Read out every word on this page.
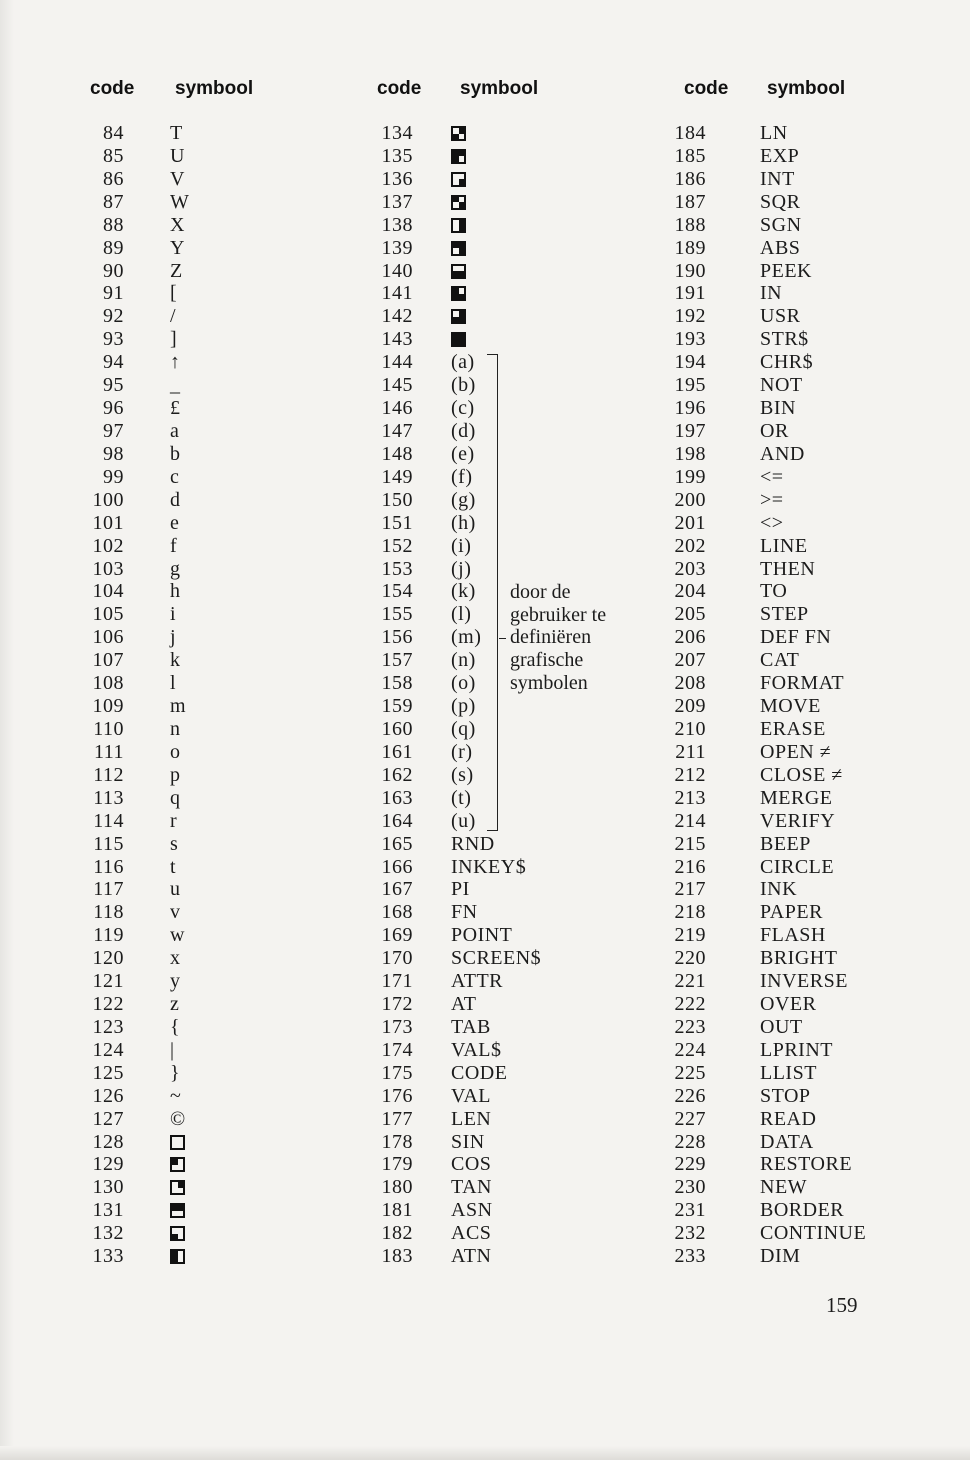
code symbool
84 T
85 U
86 V
87 W
88 X
89 Y
90 Z
91 [
92 /
93 ]
94 ↑
95 _
96 £
97 a
98 b
99 c
100 d
101 e
102 f
103 g
104 h
105 i
106 j
107 k
108 l
109 m
110 n
111 o
112 p
113 q
114 r
115 s
116 t
117 u
118 v
119 w
120 x
121 y
122 z
123 {
124 |
125 }
126 ~
127 ©
128
129
130
131
132
133
code symbool
134
135
136
137
138
139
140
141
142
143
144 (a)
145 (b)
146 (c)
147 (d)
148 (e)
149 (f)
150 (g)
151 (h)
152 (i)
153 (j)
154 (k)
155 (l)
156 (m)
157 (n)
158 (o)
159 (p)
160 (q)
161 (r)
162 (s)
163 (t)
164 (u)
165 RND
166 INKEY$
167 PI
168 FN
169 POINT
170 SCREEN$
171 ATTR
172 AT
173 TAB
174 VAL$
175 CODE
176 VAL
177 LEN
178 SIN
179 COS
180 TAN
181 ASN
182 ACS
183 ATN
door de
gebruiker te
definiëren
grafische
symbolen
code symbool
184	LN
185	EXP
186	INT
187	SQR
188	SGN
189	ABS
190	PEEK
191	IN
192	USR
193	STR$
194	CHR$
195	NOT
196	BIN
197	OR
198	AND
199	<=
200	>=
201	<>
202	LINE
203	THEN
204	TO
205	STEP
206	DEF FN
207	CAT
208	FORMAT
209	MOVE
210	ERASE
211	OPEN ≠
212	CLOSE ≠
213	MERGE
214	VERIFY
215	BEEP
216	CIRCLE
217	INK
218	PAPER
219	FLASH
220	BRIGHT
221	INVERSE
222	OVER
223	OUT
224	LPRINT
225	LLIST
226	STOP
227	READ
228	DATA
229	RESTORE
230	NEW
231	BORDER
232	CONTINUE
233	DIM
159
